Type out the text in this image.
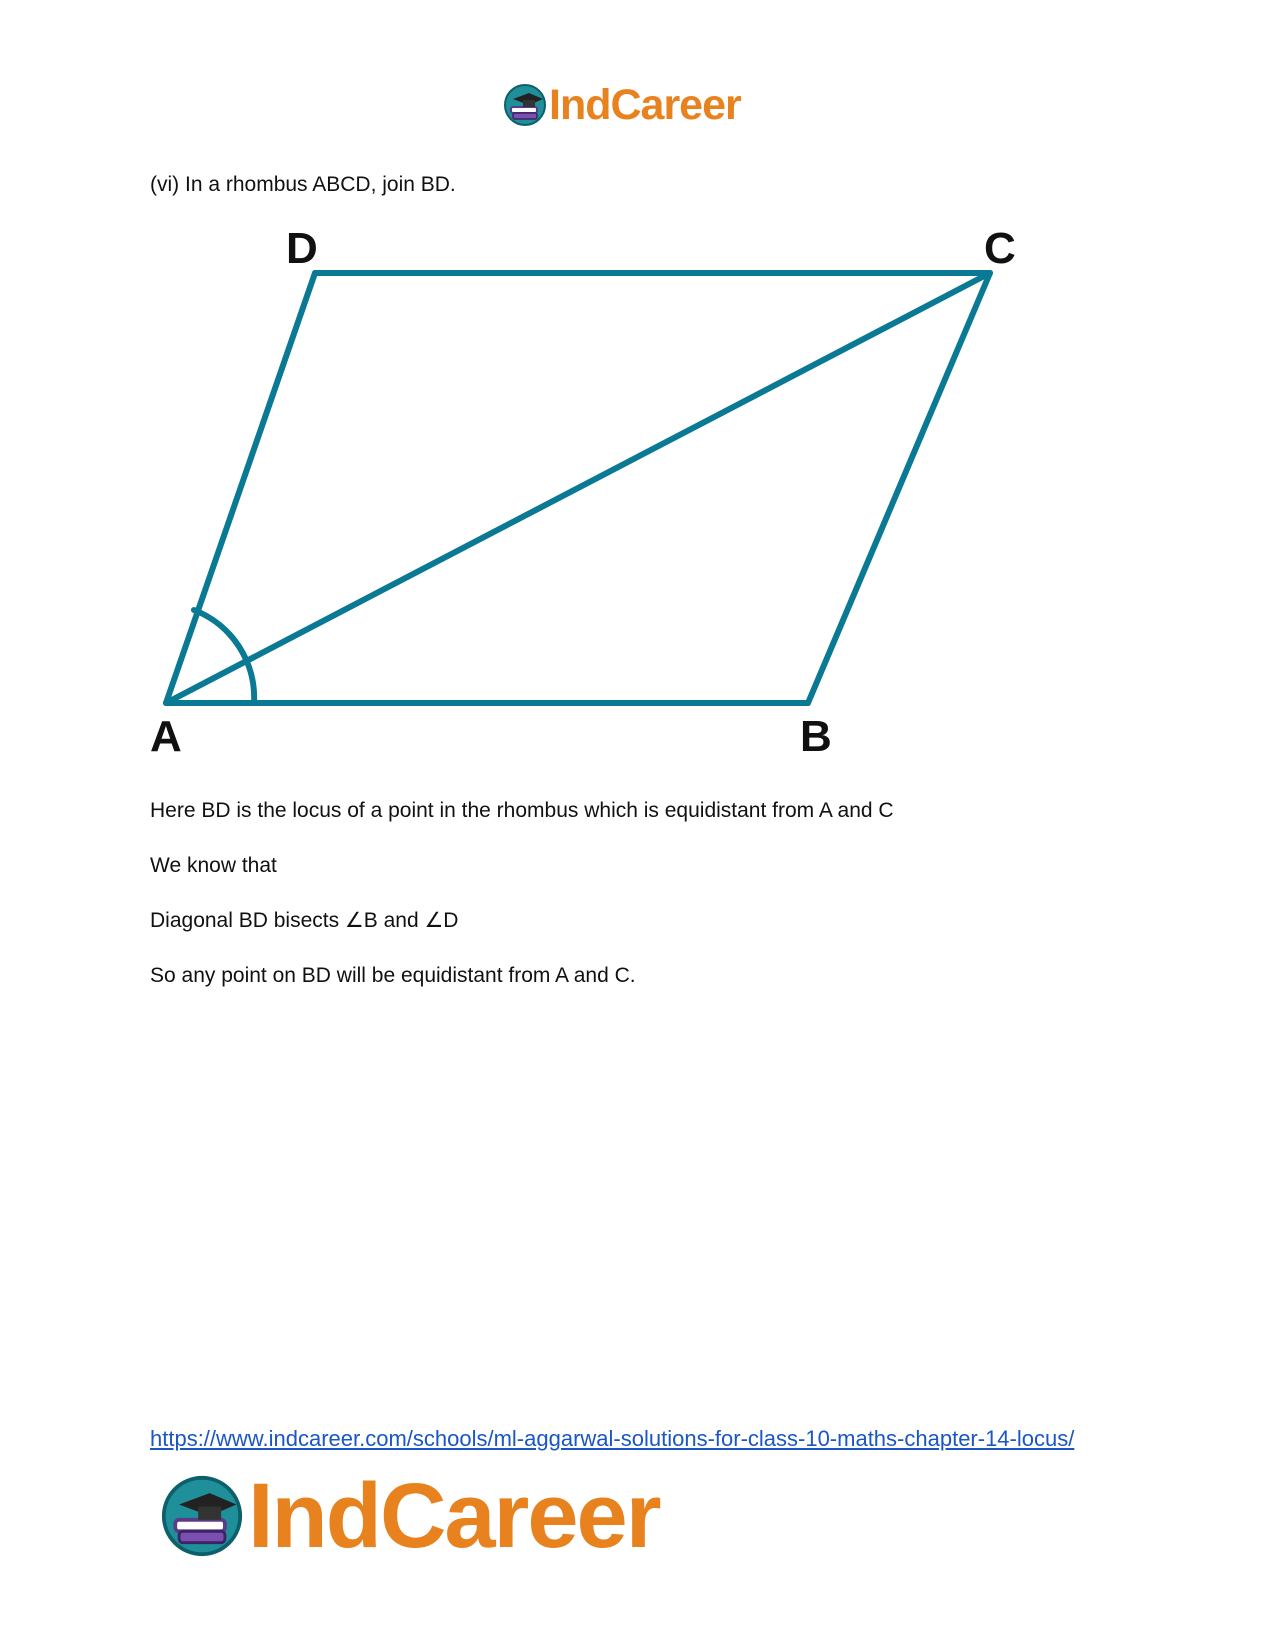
IndCareer
(vi) In a rhombus ABCD, join BD.
D	C
A	B
Here BD is the locus of a point in the rhombus which is equidistant from A and C
We know that
Diagonal BD bisects ∠B and ∠D
So any point on BD will be equidistant from A and C.
https://www.indcareer.com/schools/ml-aggarwal-solutions-for-class-10-maths-chapter-14-locus/
IndCareer
